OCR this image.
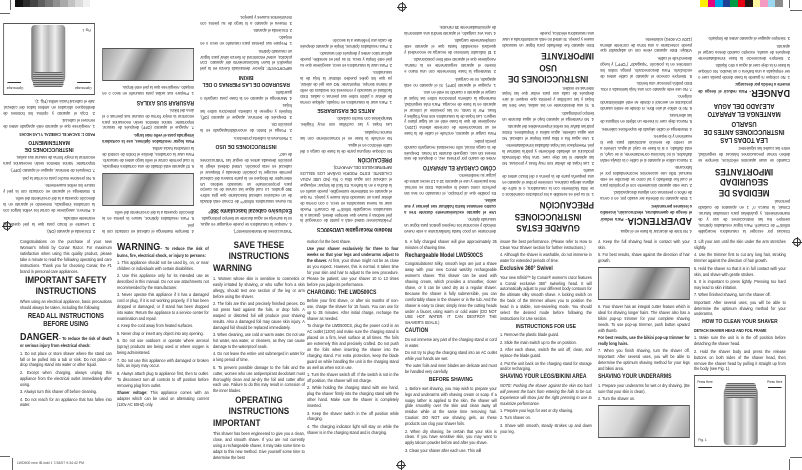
Gracias por escoger la rasuradora recargable Infiniti™ de Conair®. Para lograr resultados óptimos, siempre lea las instrucciones de uso y de mantenimiento, y guárdelas para consultas futuras. Conair, la marca n° 1 en aparatos de cuidado personal.

MEDIDAS DE SEGURIDAD IMPORTANTES

Cuando se usan aparatos eléctricos, siempre se deben tomar precauciones básicas de seguridad, entre las cuales las siguientes:

LEA TODAS LAS INSTRUCCIONES ANTES DE USARLO
MANTENGA EL APARATO ALEJADO DEL AGUA

DANGER– Para reducir el riesgo de muerte o herida por descarga:

1. No coloque ni guarde la base donde pueda caer o ser empujada a una bañera o un lavabo. No coloque la base ni la deje caer al agua u otro líquido.

2. Siempre desconecte la base inmediatamente después de usarla, excepto cuando desea cargar el aparato.

3. Siempre apague el aparato antes de limpiarlo.

4. No trate de alcanzar la base en el agua.

ADVERTENCIA– Para reducir el riesgo de quemaduras, electrocución, incendio o lesiones personales:

1. Este aparato no debería ser usado por, en o cerca de niños o personas con alguna discapacidad.

2. Use este aparato únicamente con el propósito para el cual fue diseñado y tal como se describe en este manual. Sólo use accesorios recomendados por el fabricante.

3. Nunca utilice el aparato si el cable o la clavija están dañados, si no funciona correctamente, si se cayó, si está dañado, o si la base se cayó al agua. Llévelo a un centro de servicio autorizado para que lo examinen y lo reparen.

4. Mantenga el cable alejado de superficies calientes.

5. Nunca deje caer ni inserte un objeto en ninguna de las aberturas.

6. No lo utilice al aire libre, ni donde se estén usando productos en aerosol o donde se esté administrando oxígeno.

7. No use este aparato con una hoja laminada o rota. Esto podría provocar una herida.

8. Siempre conecte el aparato al cable antes de enchufarlo. Para desconectarlo, ponga todos los controles en la posición "Apagado" ("OFF") y luego desenchufe el cable.

Voltaje: Este aparato viene con un adaptador que puede conectarse a una toma de corriente alterna (120V CA 60Hz) solamente.

GUARDE ESTAS INSTRUCCIONES
PRECAUCIÓN

1. Si su piel es sensible a los productos cosméticos o se irrita fácilmente con la rasuradora, o si sufre de alguna alergia cutánea, conviene probar el aparato en una pequeña parte de la pierna o del brazo antes de usarlo.

2. Las hojas de afeitar son muy finas y precisas. No las aplaste ni las deje caer. Una hoja deformada producirá un afeitado deficiente y podría lastimar la piel. Reemplace las hojas dañadas inmediatamente.

3. Use agua fría o tibia para limpiar el cabezal. No use agua caliente, agua salina o limpiadores. Éstos podrían dañar los sellos impermeables del aparato.

4. No mantenga el aparato bajo el agua durante un tiempo prolongado.

5. Si usa desodorante en las axilas, lave bien las hojas y las cuchillas y permita que sequen al aire después de cada uso para evitar que las hojas internas se oxiden.

INSTRUCCIONES DE USO
IMPORTANTE

Este aparato fue diseñado para lograr un rasurado suave y parejo. Si usted no está acostumbrada a usar una rasuradora eléctrica, puede

demorarse un poco hasta familiarizarse a este nuevo método y encontrar los mejores gestos para lograr un rasurado óptimo.

Use el aparato exclusivamente durante tres a cuatro semanas hasta habituar sus piernas y sus axilas.

Es posible que al principio, el rasurado no sea tan perfecto como usted lo esperaba. Esto es normal. Sea paciente y use el aparato 10 a 13 veces antes de juzgar su rendimiento.

CÓMO CARGAR EL APARATO

Antes de usarlo por primera vez, o después de seis meses sin uso, cárguelo durante 15 horas. Después de la carga inicial, sólo necesitará recargarlo cuando pierda poder.

Para cargar el aparato, enchufe el cable de la base en un tomacorriente de corriente alterna (120V). Asegúrese de que la base esté en un lugar plano y seguro. Las hojas de la rasuradora son muy frágiles y finas. Por lo tanto, no las presione al colocar el aparato en la base de recarga. Para más seguridad, mantenga la cubierta protectora sobre las hojas al cargar el aparato o cuando no esté en uso.

1. Apague el aparato (OFF). Si el aparato no está apagado, no se cargará.

2. Mantenga la base firmemente con una mano e inserte el aparato seguramente en la misma. Asegúrese que el aparato esté bien posicionado.

3. El indicador luminoso de recarga se encenderá y quedará encendido hasta que el aparato esté completamente cargado.

4. Una vez cargado, el aparato tendrá una autonomía de aproximadamente 35 minutos.

Modelo Recargable LWD500CS

¡Felicitaciones! Usted está a punto de conseguir la piel sedosa y suave que siempre deseó, gracias a la rasuradora recargable Infiniti™ de Conair®. Puede usar su nueva rasuradora en seco, o con crema de afeitar para un rasurado más suave y parejo. Ya que el aparato es totalmente sumergible, puede usarlo en la ducha o en la bañera. Es fácil de limpiar: enjuague el cabezal con agua tibia o fría (NO USE AGUA CALIENTE. ESTO PODRÍA DAÑAR LOS SELLOS IMPERMEABLES DEL APARATO).

PRECAUCIÓN

No coloque ninguna parte de la base de carga o del cable eléctrico en el agua.

No enchufe la base en el tomacorriente con las manos mojadas.

Las hojas y las cuchillas son muy frágiles. Manipúlelas con mucho cuidado.

ANTES DE RASURARSE

1. Para usar la rasuradora en mojado, aplique crema de afeitar o jabón sobre sus piernas o axilas. Esto facilitará el rasurado y removerá los residuos de vello al mismo tiempo. Importante: NO use gel de afeitar, ya que los geles pueden obstruir la hoja de la rasuradora.

2. Para usar la rasuradora en seco, asegúrese que su piel esté limpia y seca. Si su piel es sensible, puede aplicar talco antes y después del rasurado.

3. Para resultados óptimos, limpie el aparato después de cada uso (refiérase a la sección

"Instrucciones de Mantenimiento").

4. Aunque la rasuradora se puede enjuagar en agua, no la sumerja en agua durante un tiempo prolongado.

Exclusivo cabezal basculante 360°

Su nueva rasuradora Infiniti™ de Conair está dotada de un exclusivo cabezal basculante que gira sobre 360 grados. Lo cual sigue las curvas de su cuerpo para proporcionarle un rasurado sedoso. Un interruptor de bloqueo en la parte trasera del cabezal permite escoger la posición deseada y bloquear el cabezal en esta posición. Usted deberá elegir la posición deseada antes de seguir las "Instrucciones de uso".

INSTRUCCIONES DE USO

1. Remueva la cubierta protectora.

2. Ponga el botón de encendido/apagado en la posición On.

3. Después de terminar, apague el aparato (Off), límpielo y regrese la cubierta protectora sobre las hojas.

4. Mantenga el aparato en la base para cargarlo o guardarlo.

RASURADO DE LAS PIERNAS O DEL BIKINI

IMPORTANTE: Ejercer demasiada fuerza en la piel impedirá el buen funcionamiento del aparato. Con práctica, usted encontrará la fuerza ideal para lograr un rasurado óptimo.

1. Prepare sus piernas para rasurarlo en seco o en mojado.

2. Encienda el aparato.

3. Mueva el aparato a lo largo de su pierna con movimientos suaves y parejos.

4. Siempre mantenga el cabezal en contacto con la piel.

5. Para resultados óptimos, rasure la pierna en la dirección opuesta a la del crecimiento del vello.

6. El aparato está dotado de una cortadora integrada, lo cual permite cortar el vello largo antes de rasurarlo. Para usar la cortadora, deslice el botón de control de la cortadora hacia arriba.

Para lograr resultados óptimos, use la cortadora integrada para el vello más largo.

7. Apague el aparato (OFF) después de rasurar. Importante: Varios intentos serán necesarios para encontrar la mejor forma de rasurar sus piernas o el área del bikini.

RASURAR SUS AXILAS

1. Prepare sus axilas para rasurarlo en seco o en mojado. Asegúrese que la piel esté limpia.

2. Encienda el aparato (ON).

3. Levante el brazo para que la piel quede lig eramente estirada.

4. Primero, asegúrese de cortar los vellos largos con la cortadora integrada, moviendo el aparato en la dirección opuesta a la del crecimiento del vello.

5. Mantenga el aparato en contacto con la piel y rasure los vellos suavemente.

6. No presione mucho para no irritar la piel.

7. Después de terminar, apague el aparato (OFF).

Importante: Varios intentos serán necesarios para encontrar la mejor forma de rasurar sus axilas.

INSTRUCCIONES DE MANTENIMIENTO
PASO 1: SACAR EL CABEZAL Y LAS HOJAS

1. Asegúrese que el aparato esté apagado antes de remover el cabezal.

2. Coja el aparato y oprima los botones de desbloqueo ubicados en ambos lados del cabezal. Jale el cabezal hacia arriba (Fig. 1).

Oprima aquí
Oprima aquí
Fig. 1

Congratulations on the purchase of your new Woman's Infiniti by Conair Razor. For maximum satisfaction when using this quality product, please take a minute to read the following operating and care instructions. Thank you for choosing Conair, the #1 brand in personal care appliances.

IMPORTANT SAFETY INSTRUCTIONS

When using an electrical appliance, basic precautions should always be taken, including the following:

READ ALL INSTRUCTIONS BEFORE USING

DANGER– To reduce the risk of death or serious injury from electrical shock:

1. Do not place or store shaver where the stand can fall or be pulled into a tub or sink. Do not place or drop charging stand into water or other liquid.

2. Except when charging, always unplug this appliance from the electrical outlet immediately after using.

3. Always turn this shaver off before cleaning.

4. Do not reach for an appliance that has fallen into water.

WARNING– To reduce the risk of burns, fire, electrical shock, or injury to persons:

1. This appliance should not be used by, on, or near children or individuals with certain disabilities.

2. Use this appliance only for its intended use as described in this manual. Do not use attachments not recommended by the manufacturer.

3. Never operate this appliance if it has a damaged cord or plug, if it is not working properly, if it has been dropped or damaged, or if stand has been dropped into water. Return the appliance to a service center for examination and repair.

4. Keep the cord away from heated surfaces.

5. Never drop or insert any object into any opening.

6. Do not use outdoors or operate where aerosol (spray) products are being used or where oxygen is being administered.

7. Do not use this appliance with damaged or broken foils, as injury may occur.

8. Always attach plug to appliance first, then to outlet. To disconnect turn all controls to off position before removing plug from outlet.

Shaver voltage: This appliance comes with an adapter which can be used on alternating current (120v AC 60HZ) only.

SAVE THESE INSTRUCTIONS
WARNING

1. Women whose skin is sensitive to cosmetics or easily irritated by shaving, or who suffer from a skin allergy, should test one section of the leg or arm before using the shaver.

2. The foils are thin and precisely finished pieces. Do not press hard against the foils, or drop foils. A warped or distorted foil will produce poor shaving results. Also a damaged foil may cause skin injury. A damaged foil should be replaced immediately.

3. When cleaning, use cold or warm water. Do not use hot water, sea water, or cleaners, as they can cause damage to the waterproof seals.

4. Do not leave the entire unit submerged in water for a long period of time.

5. To prevent possible damage to the foils and the cutter, women who use antiperspirant deodorant must thoroughly clean and air-dry the foil and cutter after each use. Failure to do this may result in corrosion of the inner blades.

OPERATING INSTRUCTIONS
IMPORTANT

This shaver has been engineered to give you a clean, close, and smooth shave. If you are not currently using a rechargeable shaver, it may take some time to adapt to this new method. Give yourself some time to determine the best

motion for the best shave.

Use your shaver exclusively for three to four weeks so that your legs and underarms adjust to the shaver. At first, your shave might not be as close as you expect. However, this is normal. It takes time for your skin and hair to adjust to the new procedure. Please be patient; use your shaver 10 to 13 times before you judge its performance.

CHARGING: THE LWD500CS

Before your first shave, or after six months of non-use, charge the shaver for 15 hours. You can use for up to 35 minutes. After initial charge, recharge the shaver as needed.

To charge the LWD500CS, plug the power cord in an AC outlet (120V) and make sure the charging stand is placed on a firm, level surface at all times. The foils are extremely thin and precisely crafted. Do not push on the foils when inserting the shaver into the charging stand. For extra protection, keep the blade guard on while handling the unit in the charging stand as well as when not in use.

1. Turn the shaver switch off. If the switch is not in the off position, the shaver will not charge.

2. While holding the charging stand with one hand, plug the shaver firmly into the charging stand with the other hand. Make sure the shaver is completely inserted.

3. Keep the shaver switch in the off position while charging.

4. The charging indicator light will stay on while the shaver is in the charging stand and is charging.

5. A fully charged shaver will give approximately 35 minutes of shaving time.

Rechargeable Model LWD500CS

Congratulations! Silky, smooth legs are just a shave away with your new Conair wet/dry rechargeable women's shaver. This shaver can be used with shaving cream, which provides a smoother, closer shave, or it can be used dry as a regular shaver. Because the shaver is fully submersible, you can comfortably shave in the shower or in the tub. And the shaver is easy to clean; simply rinse the cutting heads under a faucet, using warm or cold water (DO NOT USE HOT WATER. IT CAN DESTROY THE SHAVER'S SEALS.)

CAUTION

Do not immerse any part of the charging stand or cord in water.

Do not try to plug the charging stand into an AC outlet while your hands are wet.

The outer foils and inner blades are delicate and must be handled very carefully.

BEFORE SHAVING

1. Before wet shaving, you may wish to prepare your legs and underarms with shaving cream or soap. If a soapy lather is applied to the skin, the shaver will glide smoothly over the skin and clean away all residue while at the same time removing hair. Caution: DO NOT use shaving gels, as these products can clog your shaver foils.

2. When dry shaving, be certain that your skin is clean. If you have sensitive skin, you may want to apply talcum powder before and after you shave.

3. Clean your shaver after each use. This will

insure the best performance. (Please refer to How to Clean Your Shaver section for further instructions.)

4. Although the shaver is washable, do not immerse in water for extended periods of time.

Exclusive 360° Swivel

Your new Infiniti™ by Conair® women's razor features a Conair exclusive 360° swiveling head. It will automatically adjust to your different body contours for the ultimate silky smooth shave. A locking switch on the back of the trimmer allows you to position the head in a stable, non-swiveling mode. You should select the desired mode before following the instructions for Use section.

INSTRUCTIONS FOR USE

1. Remove the plastic blade guard.

2. Slide the main switch up to the on position.

3. After each shave, switch the unit off, clean, and replace the blade guard.

4. Put the unit back on the charging stand for storage and/or recharging.

SHAVING YOUR LEGS/BIKINI AREA

NOTE: Pushing the shaver against the skin too hard will prevent the hairs from entering the foils to be cut. Experience will show just the right pressing to use to maximize performance.

1. Prepare your legs for wet or dry shaving.

2. Turn shaver on.

3. Shave with smooth, steady strokes up and down your leg.

4. Keep the full shaving head in contact with your skin.

5. For best results, shave against the direction of hair growth.

6. Your shaver has an integral cutter feature which is ideal for shaving longer hairs. The shaver also has a bikini pop-up trimmer for your complete shaving needs. To use pop-up trimmer, push button upward with thumb.

For best results, use the bikini pop-up trimmer for really long hairs.

7. When you finish shaving, turn the shaver off. Important: After several uses, you will be able to determine the optimum shaving method for your legs and bikini area.

SHAVING YOUR UNDERARMS

1. Prepare your underarms for wet or dry shaving. (Be sure that your skin is clean).

2. Turn the shaver on.

3. Lift your arm until the skin under the arm stretches slightly.

4. Use the trimmer first to cut any long hair, stroking trimmer against the direction of hair growth.

5. Hold the shaver so that it is in full contact with your skin, and shave with gentle strokes.

6. It is important to press lightly. Pressing too hard may lead to skin irritation.

7. When finished shaving, turn the shaver off.

Important: After several uses, you will be able to determine the optimum shaving method for your underarms.

HOW TO CLEAN YOUR SHAVER
DETACH SHAVER HEAD AND FOIL FRAME

1. Make sure the unit is in the off position before detaching the shaver head.

2. Hold the shaver body and press the release buttons on both sides of the shaver head, then remove the shaver head by pulling it straight up from the body (see Fig. 1).

Press Here	Press Here
Fig. 1
LWD500 new IB.indd 1 7/18/07 9:34:42 PM
